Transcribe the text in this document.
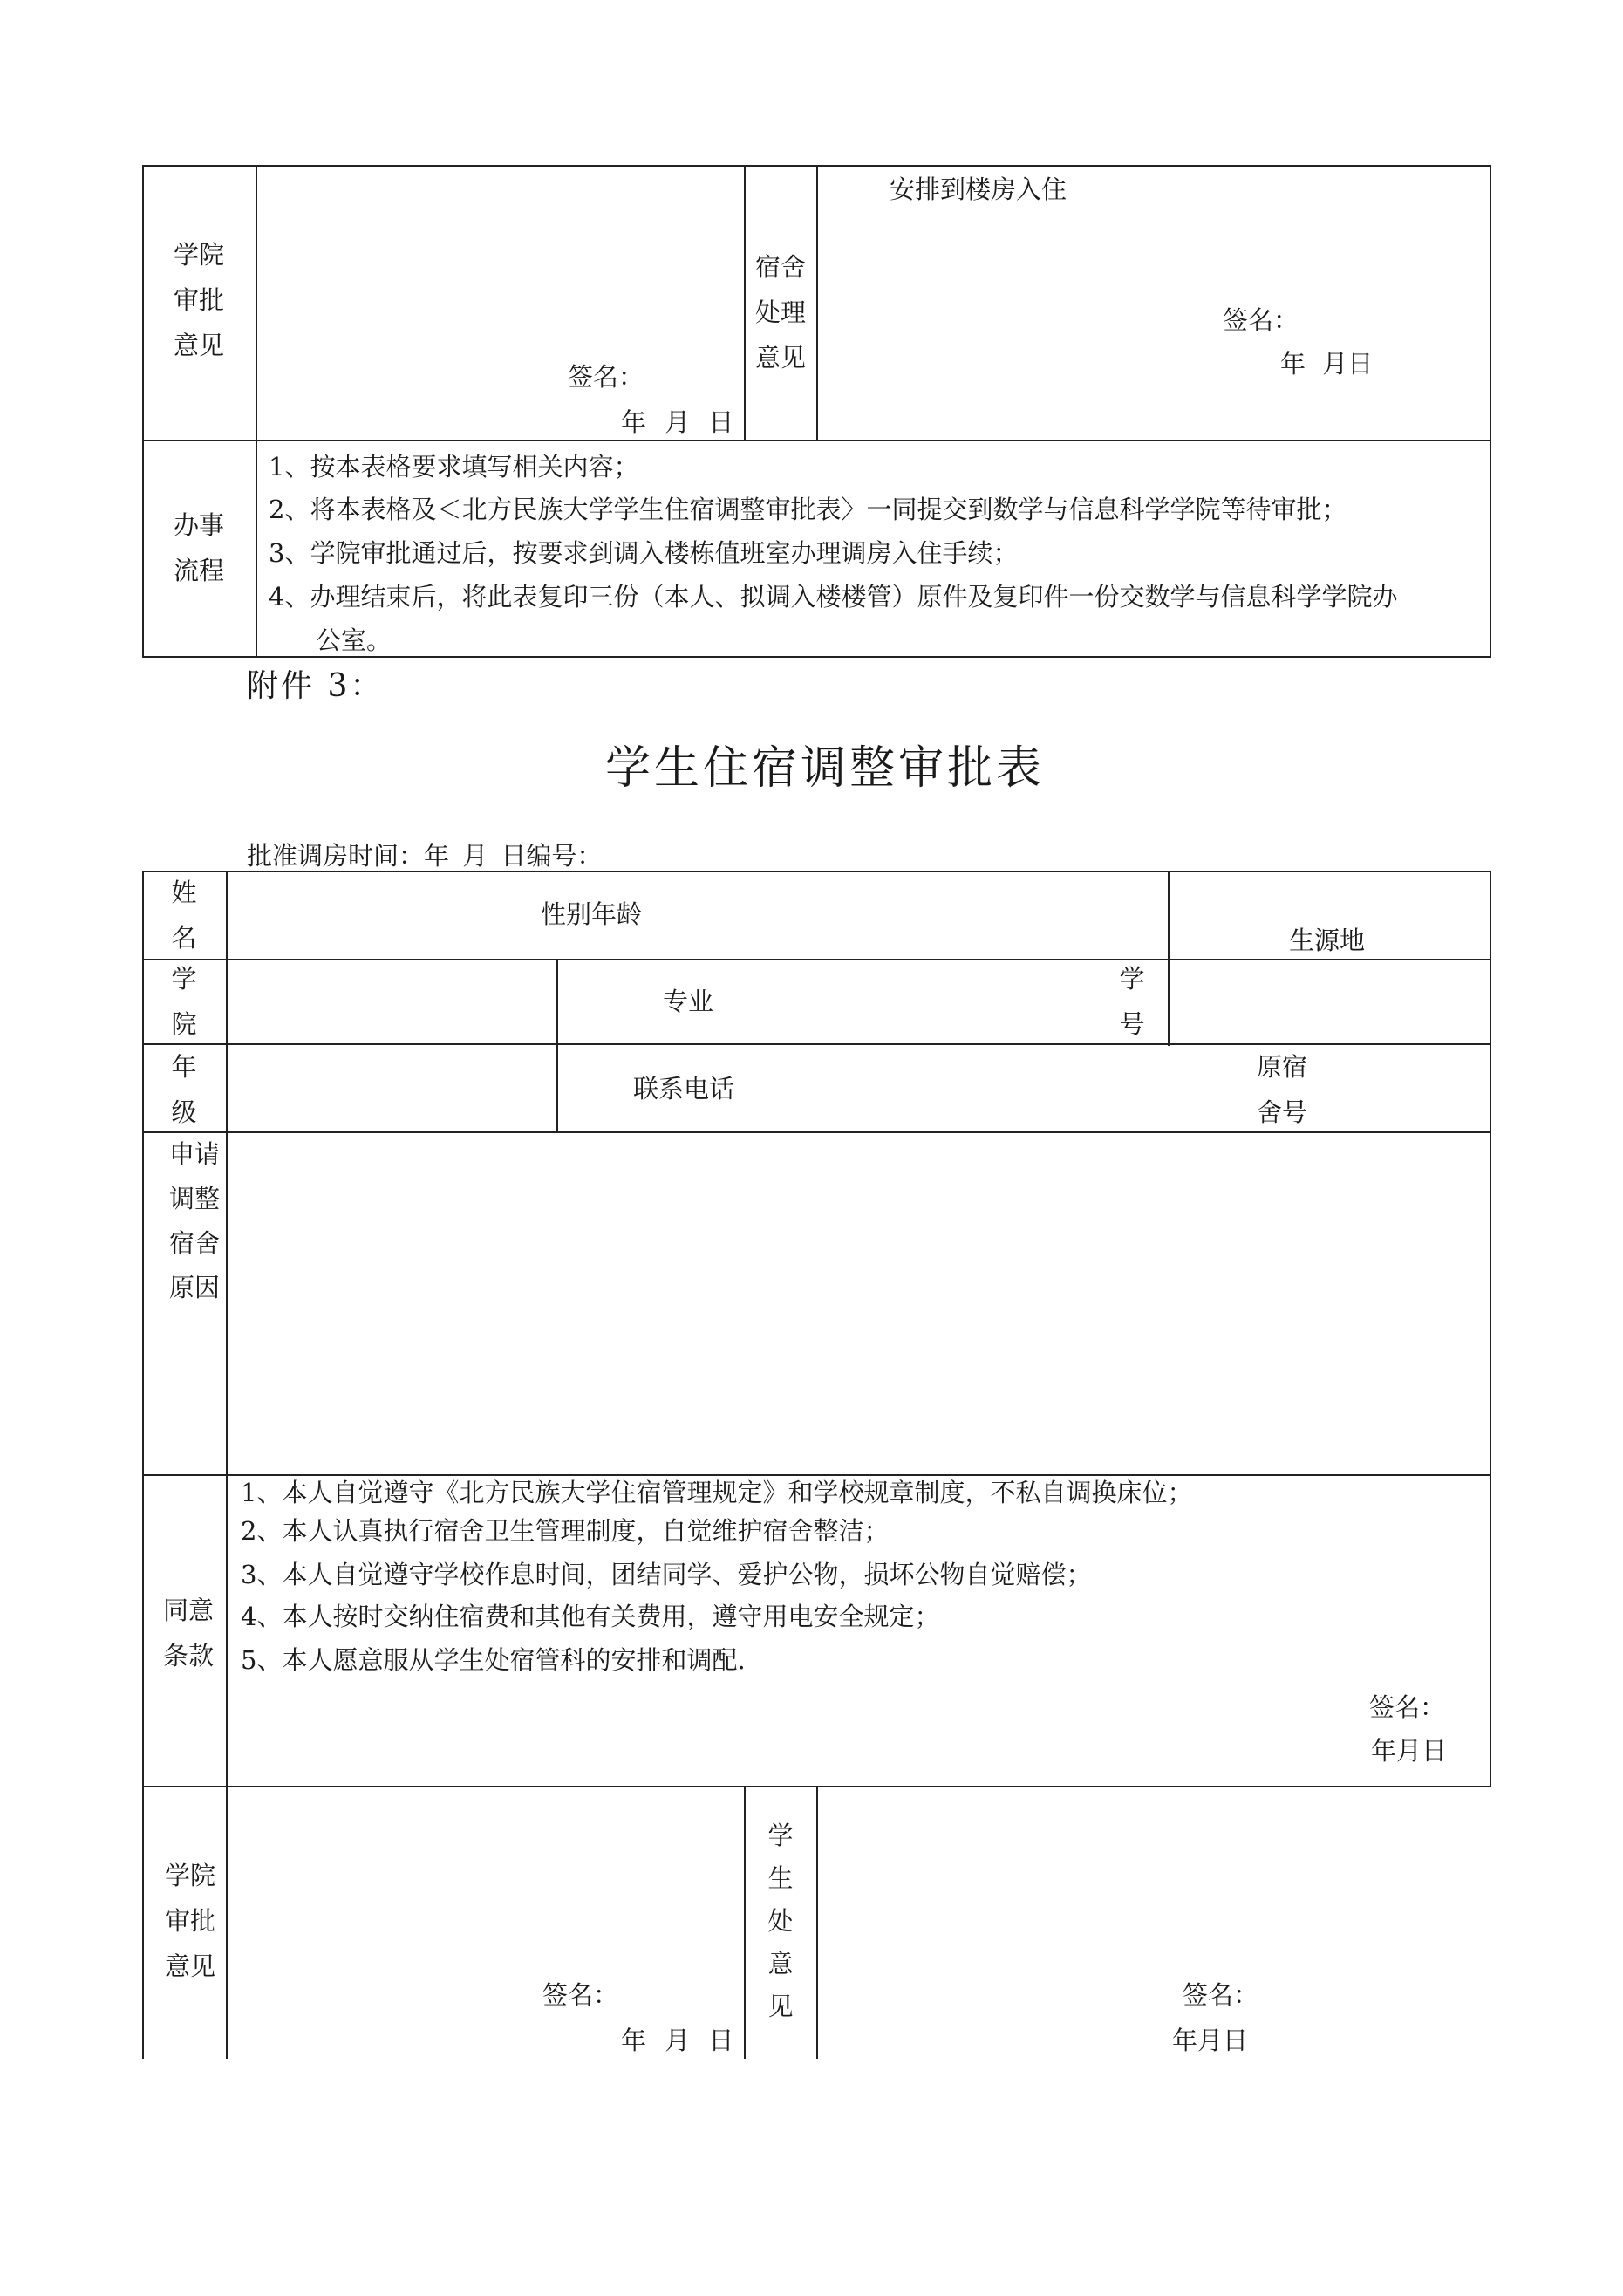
学院
审批
意见
签名：
年 月 日
宿舍
处理
意见
安排到楼房入住
签名：
年 月日
办事
流程
1、按本表格要求填写相关内容；
2、将本表格及＜北方民族大学学生住宿调整审批表〉一同提交到数学与信息科学学院等待审批；
3、学院审批通过后，按要求到调入楼栋值班室办理调房入住手续；
4、办理结束后，将此表复印三份（本人、拟调入楼楼管）原件及复印件一份交数学与信息科学学院办
公室。
附件 3：
学生住宿调整审批表
批准调房时间：年 月 日编号：
姓
名
性别年龄
生源地
学
院
专业
学
号
年
级
联系电话
原宿
舍号
申请
调整
宿舍
原因
同意
条款
1、本人自觉遵守《北方民族大学住宿管理规定》和学校规章制度，不私自调换床位；
2、本人认真执行宿舍卫生管理制度，自觉维护宿舍整洁；
3、本人自觉遵守学校作息时间，团结同学、爱护公物，损坏公物自觉赔偿；
4、本人按时交纳住宿费和其他有关费用，遵守用电安全规定；
5、本人愿意服从学生处宿管科的安排和调配.
签名：
年月日
学院
审批
意见
签名：
年 月 日
学
生
处
意
见	签名：
年月日
